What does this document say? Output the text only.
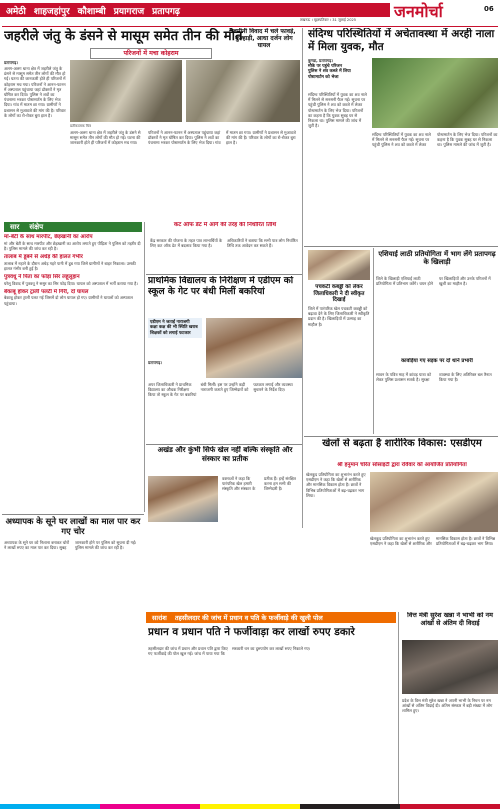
अमेठी शाहजहांपुर कौशाम्बी प्रयागराज प्रतापगढ़
लखनऊ । बृहस्पतिवार । 31 जुलाई 2025 जनमोर्चा	06
जहरीले जंतु के डंसने से मासूम समेत तीन की मौत
परिजनों में मचा कोहराम
प्रतापगढ़।
अलग-अलग थाना क्षेत्र में जहरीले जंतु के डंसने से मासूम समेत तीन लोगों की मौत हो गई। घटना की जानकारी होते ही परिजनों में कोहराम मच गया। परिजनों ने आनन-फानन में अस्पताल पहुंचाया जहां डॉक्टरों ने मृत घोषित कर दिया। पुलिस ने शवों का पंचनामा भरकर पोस्टमार्टम के लिए भेज दिया। गांव में मातम छा गया। ग्रामीणों ने प्रशासन से मुआवजे की मांग की है। परिवार के लोगों का रो-रोकर बुरा हाल है।
प्रतीकात्मक चित्र
अलग-अलग थाना क्षेत्र में जहरीले जंतु के डंसने से मासूम समेत तीन लोगों की मौत हो गई। घटना की जानकारी होते ही परिजनों में कोहराम मच गया। परिजनों ने आनन-फानन में अस्पताल पहुंचाया जहां डॉक्टरों ने मृत घोषित कर दिया। पुलिस ने शवों का पंचनामा भरकर पोस्टमार्टम के लिए भेज दिया। गांव में मातम छा गया। ग्रामीणों ने प्रशासन से मुआवजे की मांग की है। परिवार के लोगों का रो-रोकर बुरा हाल है।
जमीनी विवाद में चले फावड़े, कुल्हाड़ी, आधा दर्जन लोग घायल
संदिग्ध परिस्थितियों में अचेतावस्था में अरही नाला में मिला युवक, मौत
कुण्डा, प्रतापगढ़।
मौके पर पहुंचे परिजन
पुलिस ने शव कब्जे में लिया
पोस्टमार्टम को भेजा
संदिग्ध परिस्थितियों में युवक का शव नाले में मिलने से सनसनी फैल गई। सूचना पर पहुंची पुलिस ने शव को कब्जे में लेकर पोस्टमार्टम के लिए भेज दिया। परिजनों का कहना है कि युवक सुबह घर से निकला था। पुलिस मामले की जांच में जुटी है।
संदिग्ध परिस्थितियों में युवक का शव नाले में मिलने से सनसनी फैल गई। सूचना पर पहुंची पुलिस ने शव को कब्जे में लेकर पोस्टमार्टम के लिए भेज दिया। परिजनों का कहना है कि युवक सुबह घर से निकला था। पुलिस मामले की जांच में जुटी है।
सार संक्षेप
मां-बेटी के साथ मारपीट, छेड़खानी का आरोप
मां और बेटी के साथ मारपीट और छेड़खानी का आरोप लगाते हुए पीड़िता ने पुलिस को तहरीर दी है। पुलिस मामले की जांच कर रही है।
तालाब में डूबने से अधेड़ की हालत गंभीर
तालाब में नहाने के दौरान अधेड़ गहरे पानी में डूब गया जिसे ग्रामीणों ने बाहर निकाला। उसकी हालत गंभीर बनी हुई है।
पुत्रवधू ने पिता का फोड़ा सिर लहूलुहान
घरेलू विवाद में पुत्रवधू ने ससुर का सिर फोड़ दिया। घायल को अस्पताल में भर्ती कराया गया है।
बेकाबू होकर ट्राली पलटी में गिरी, दो घायल
बेकाबू होकर ट्राली पलट गई जिसमें दो लोग घायल हो गए। ग्रामीणों ने घायलों को अस्पताल पहुंचाया।
कट ऑफ डेट में आगे की तरह की निर्धारित तिथि
केंद्र सरकार की योजना के तहत पात्र लाभार्थियों के लिए कट ऑफ डेट में बदलाव किया गया है। अधिकारियों ने बताया कि सभी पात्र लोग निर्धारित तिथि तक आवेदन कर सकते हैं।
प्राथमिक विद्यालय के निरीक्षण में एडीएम को स्कूल के गेट पर बंधी मिलीं बकरियां
एडीएम ने जताई नाराजगी
कक्षा कक्ष की भी स्थिति खराब
शिक्षकों को लगाई फटकार
प्रतापगढ़।
अपर जिलाधिकारी ने प्राथमिक विद्यालय का औचक निरीक्षण किया तो स्कूल के गेट पर बकरियां बंधी मिलीं। इस पर उन्होंने कड़ी नाराजगी जताते हुए जिम्मेदारों को फटकार लगाई और व्यवस्था सुधारने के निर्देश दिए।
पचकटी कबड्डी को लेकर जिलाधिकारी ने दी स्वीकृत दिखाई
जिले में पारंपरिक खेल पचकटी कबड्डी को बढ़ावा देने के लिए जिलाधिकारी ने स्वीकृति प्रदान की है। खिलाड़ियों में उत्साह का माहौल है।
एशियाई लाठी प्रतियोगिता में भाग लेंगे प्रतापगढ़ के खिलाड़ी
जिले के खिलाड़ी एशियाई लाठी प्रतियोगिता में प्रतिभाग करेंगे। चयन होने पर खिलाड़ियों और उनके परिजनों में खुशी का माहौल है।
कावड़िया गए सड़क पर दो थाने प्रभारी
सावन के पवित्र माह में कांवड़ यात्रा को लेकर पुलिस प्रशासन सतर्क है। सुरक्षा व्यवस्था के लिए अतिरिक्त बल तैनात किया गया है।
खेलों से बढ़ता है शारीरिक विकास: एसडीएम
श्री हनुमान चरित सोसाइटी द्वारा रविवार को आयोजित प्रतियोगिता
खेलकूद प्रतियोगिता का शुभारंभ करते हुए एसडीएम ने कहा कि खेलों से शारीरिक और मानसिक विकास होता है। छात्रों ने विभिन्न प्रतियोगिताओं में बढ़-चढ़कर भाग लिया।
खेलकूद प्रतियोगिता का शुभारंभ करते हुए एसडीएम ने कहा कि खेलों से शारीरिक और मानसिक विकास होता है। छात्रों ने विभिन्न प्रतियोगिताओं में बढ़-चढ़कर भाग लिया।
अखंड और कुंभी सिर्फ खेल नहीं बल्कि संस्कृति और संस्कार का प्रतीक
वक्ताओं ने कहा कि पारंपरिक खेल हमारी संस्कृति और संस्कार के प्रतीक हैं। इन्हें संरक्षित करना हम सभी की जिम्मेदारी है।
अध्यापक के सूने घर लाखों का माल पार कर गए चोर
अध्यापक के सूने घर को निशाना बनाकर चोरों ने लाखों रुपए का माल पार कर दिया। सुबह जानकारी होने पर पुलिस को सूचना दी गई। पुलिस मामले की जांच कर रही है।
सारांश तहसीलदार की जांच में प्रधान व पति के फर्जीवाड़े की खुली पोल
प्रधान व प्रधान पति ने फर्जीवाड़ा कर लाखों रुपए डकारे
तहसीलदार की जांच में प्रधान और प्रधान पति द्वारा किए गए फर्जीवाड़े की पोल खुल गई। जांच में पाया गया कि सरकारी धन का दुरुपयोग कर लाखों रुपए निकाले गए।
वित्त मंत्री सुरेश खन्ना ने भाभी को नम आंखों से अंतिम दी विदाई
प्रदेश के वित्त मंत्री सुरेश खन्ना ने अपनी भाभी के निधन पर नम आंखों से अंतिम विदाई दी। अंतिम संस्कार में बड़ी संख्या में लोग शामिल हुए।
